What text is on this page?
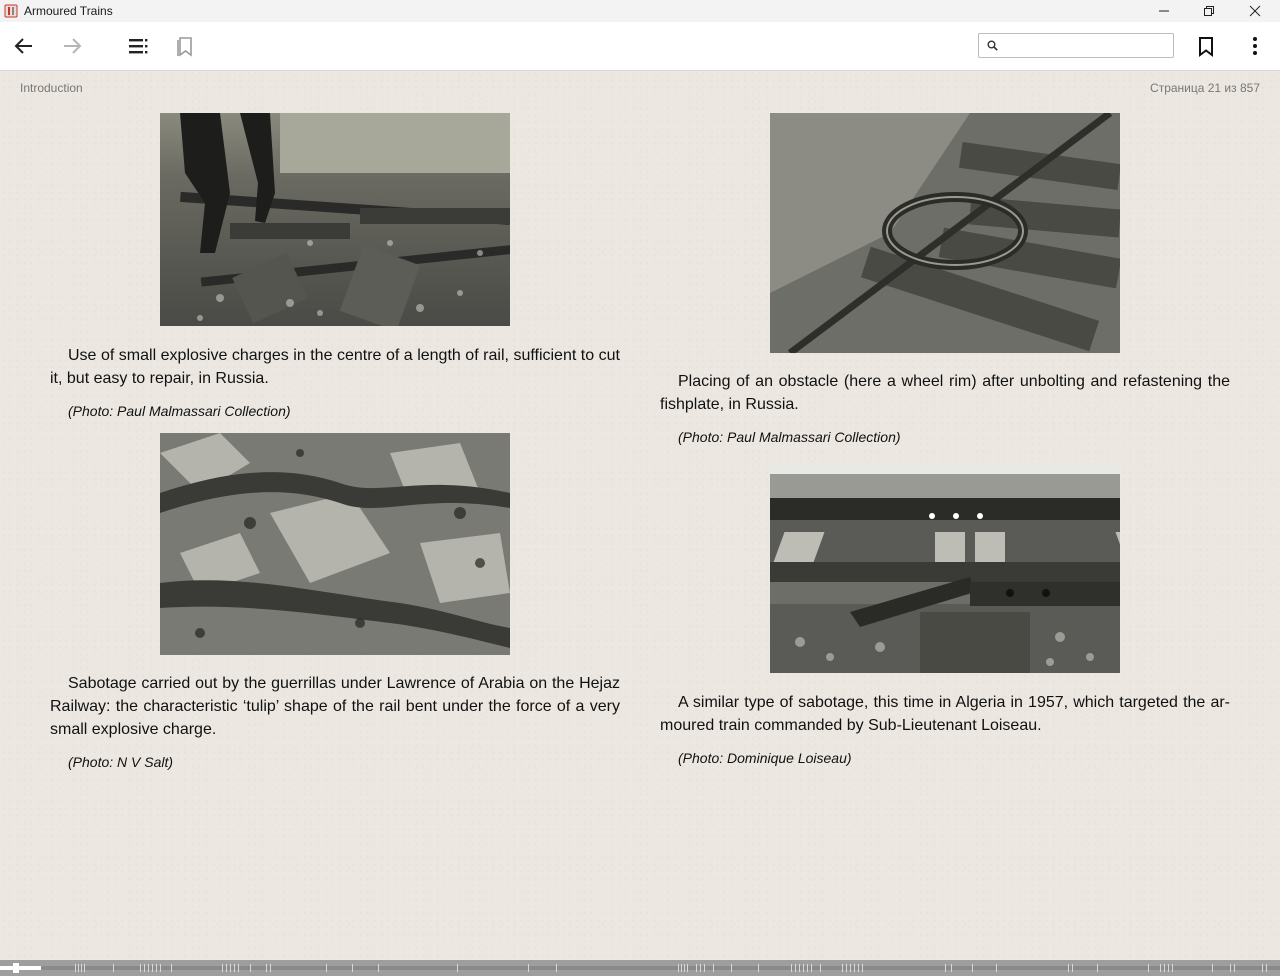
Armoured Trains
Introduction	Страница 21 из 857

Use of small explosive charges in the centre of a length of rail, sufficient to cut it, but easy to repair, in Russia.

(Photo: Paul Malmassari Collection)

Sabotage carried out by the guerrillas under Lawrence of Arabia on the Hejaz Railway: the characteristic ‘tulip’ shape of the rail bent under the force of a very small explosive charge.

(Photo: N V Salt)

Placing of an obstacle (here a wheel rim) after unbolting and refastening the fishplate, in Russia.

(Photo: Paul Malmassari Collection)

A similar type of sabotage, this time in Algeria in 1957, which targeted the ar-moured train commanded by Sub-Lieutenant Loiseau.

(Photo: Dominique Loiseau)
